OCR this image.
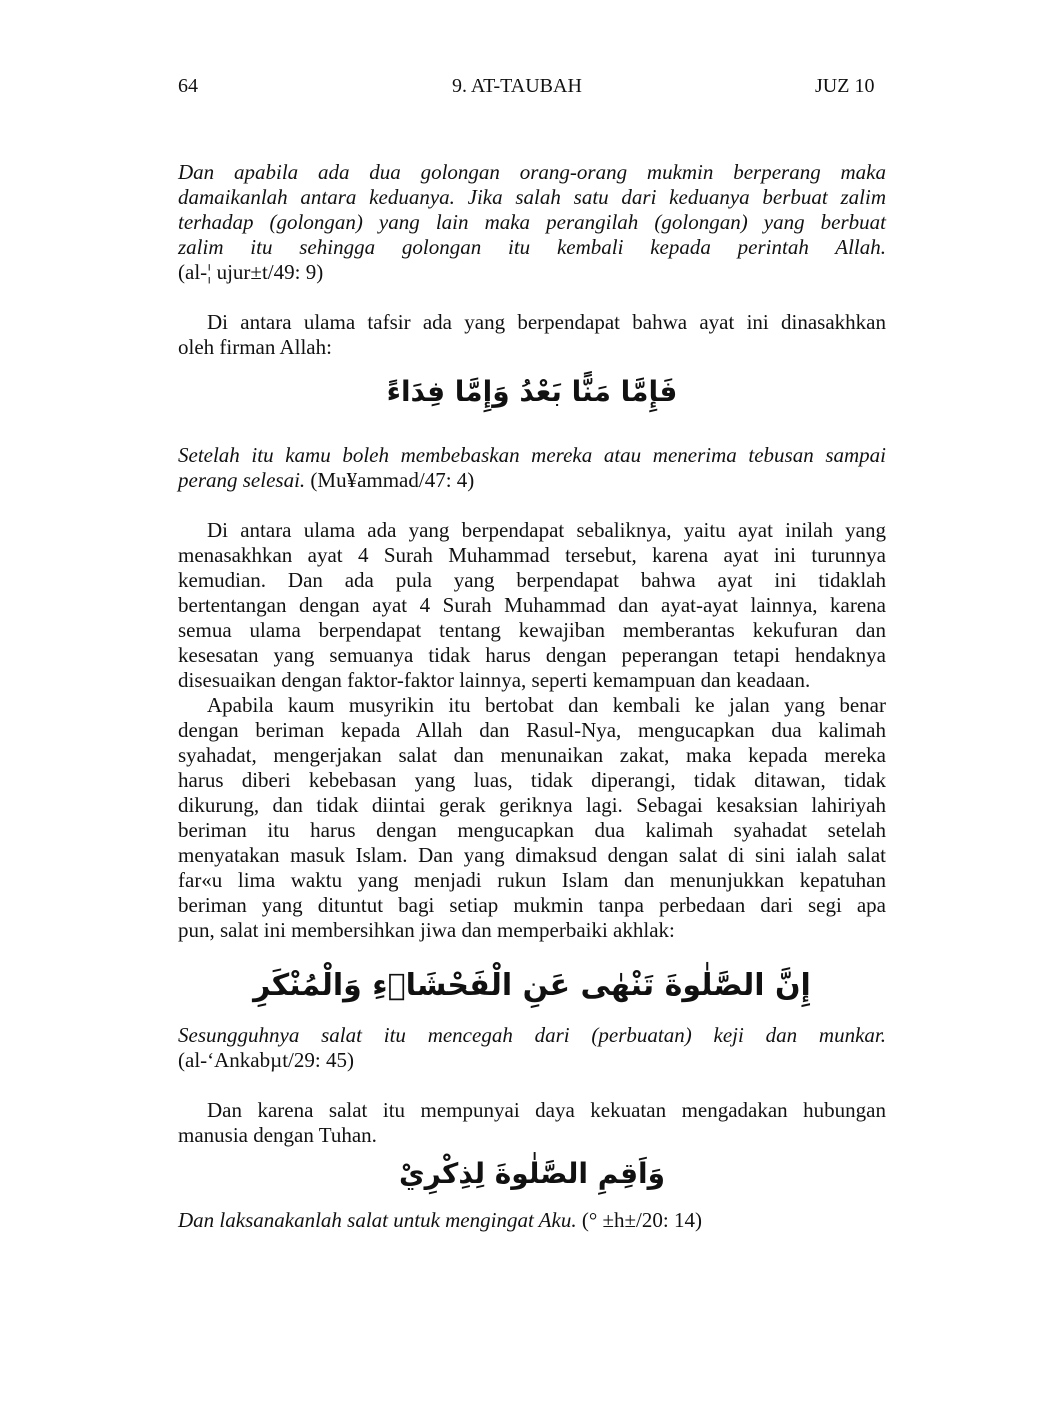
64	9. AT-TAUBAH	JUZ 10
Dan apabila ada dua golongan orang-orang mukmin berperang maka
damaikanlah antara keduanya. Jika salah satu dari keduanya berbuat zalim
terhadap (golongan) yang lain maka perangilah (golongan) yang berbuat
zalim itu sehingga golongan itu kembali kepada perintah Allah.
(al-¦ ujur±t/49: 9)
Di antara ulama tafsir ada yang berpendapat bahwa ayat ini dinasakhkan
oleh firman Allah:
فَإِمَّا مَنًّا بَعْدُ وَإِمَّا فِدَاءً
Setelah itu kamu boleh membebaskan mereka atau menerima tebusan sampai
perang selesai. (Mu¥ammad/47: 4)
Di antara ulama ada yang berpendapat sebaliknya, yaitu ayat inilah yang
menasakhkan ayat 4 Surah Muhammad tersebut, karena ayat ini turunnya
kemudian. Dan ada pula yang berpendapat bahwa ayat ini tidaklah
bertentangan dengan ayat 4 Surah Muhammad dan ayat-ayat lainnya, karena
semua ulama berpendapat tentang kewajiban memberantas kekufuran dan
kesesatan yang semuanya tidak harus dengan peperangan tetapi hendaknya
disesuaikan dengan faktor-faktor lainnya, seperti kemampuan dan keadaan.
Apabila kaum musyrikin itu bertobat dan kembali ke jalan yang benar
dengan beriman kepada Allah dan Rasul-Nya, mengucapkan dua kalimah
syahadat, mengerjakan salat dan menunaikan zakat, maka kepada mereka
harus diberi kebebasan yang luas, tidak diperangi, tidak ditawan, tidak
dikurung, dan tidak diintai gerak geriknya lagi. Sebagai kesaksian lahiriyah
beriman itu harus dengan mengucapkan dua kalimah syahadat setelah
menyatakan masuk Islam. Dan yang dimaksud dengan salat di sini ialah salat
far«u lima waktu yang menjadi rukun Islam dan menunjukkan kepatuhan
beriman yang dituntut bagi setiap mukmin tanpa perbedaan dari segi apa
pun, salat ini membersihkan jiwa dan memperbaiki akhlak:
إِنَّ الصَّلٰوةَ تَنْهٰى عَنِ الْفَحْشَاۤءِ وَالْمُنْكَرِ
Sesungguhnya salat itu mencegah dari (perbuatan) keji dan munkar.
(al-‘Ankabµt/29: 45)
Dan karena salat itu mempunyai daya kekuatan mengadakan hubungan
manusia dengan Tuhan.
وَاَقِمِ الصَّلٰوةَ لِذِكْرِيْ
Dan laksanakanlah salat untuk mengingat Aku. (° ±h±/20: 14)
